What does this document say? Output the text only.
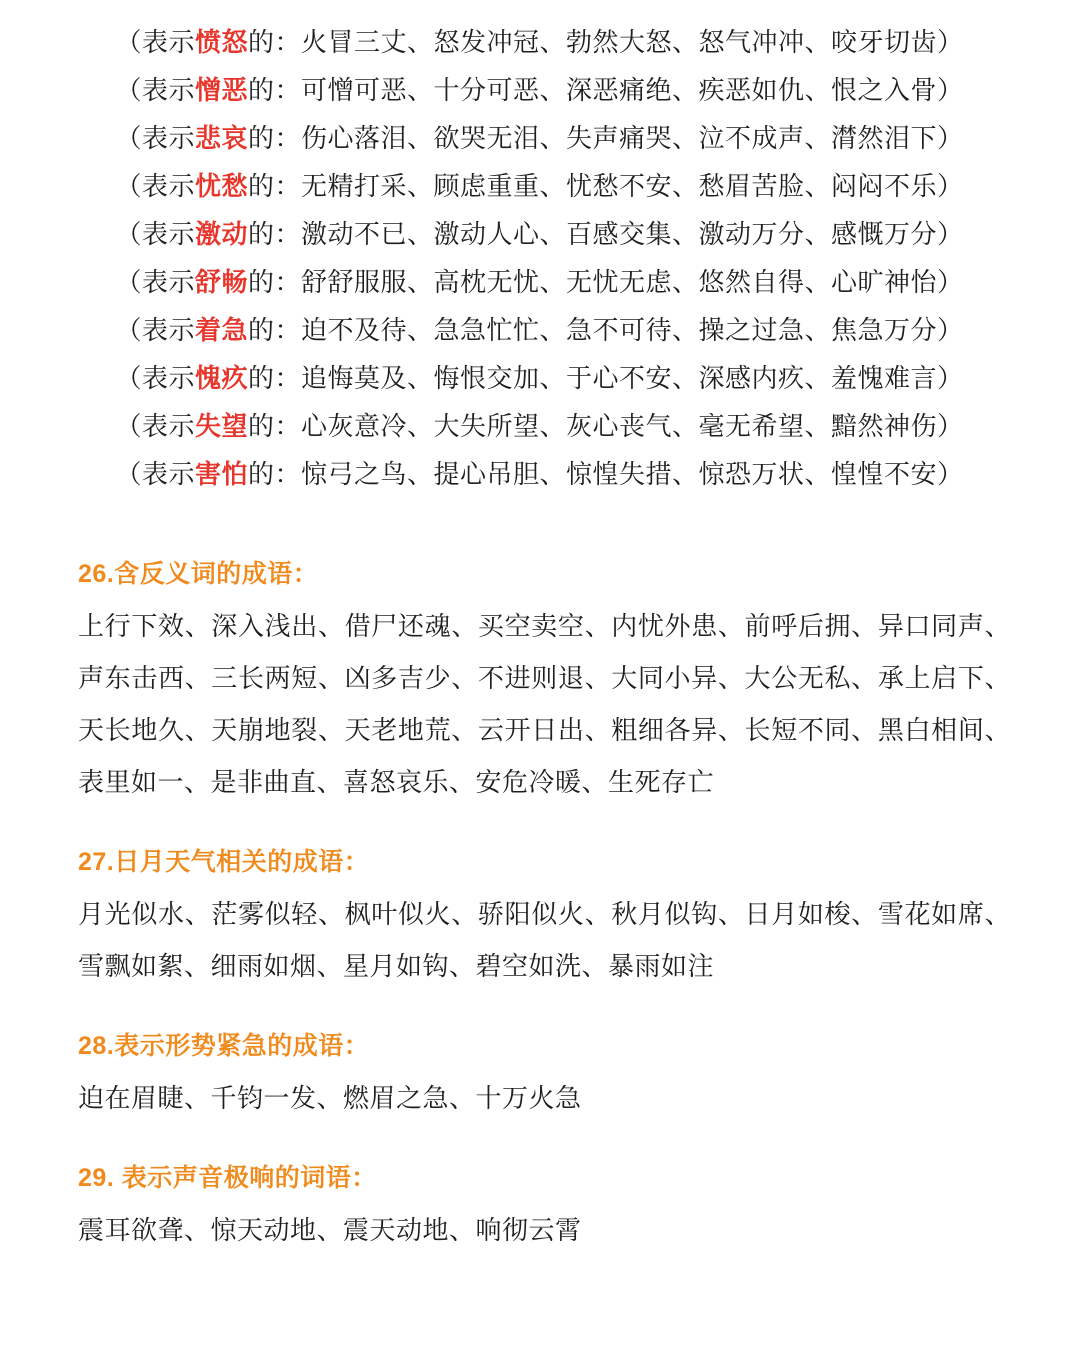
（表示愤怒的：火冒三丈、怒发冲冠、勃然大怒、怒气冲冲、咬牙切齿）
（表示憎恶的：可憎可恶、十分可恶、深恶痛绝、疾恶如仇、恨之入骨）
（表示悲哀的：伤心落泪、欲哭无泪、失声痛哭、泣不成声、潸然泪下）
（表示忧愁的：无精打采、顾虑重重、忧愁不安、愁眉苦脸、闷闷不乐）
（表示激动的：激动不已、激动人心、百感交集、激动万分、感慨万分）
（表示舒畅的：舒舒服服、高枕无忧、无忧无虑、悠然自得、心旷神怡）
（表示着急的：迫不及待、急急忙忙、急不可待、操之过急、焦急万分）
（表示愧疚的：追悔莫及、悔恨交加、于心不安、深感内疚、羞愧难言）
（表示失望的：心灰意冷、大失所望、灰心丧气、毫无希望、黯然神伤）
（表示害怕的：惊弓之鸟、提心吊胆、惊惶失措、惊恐万状、惶惶不安）
26.含反义词的成语：
上行下效、深入浅出、借尸还魂、买空卖空、内忧外患、前呼后拥、异口同声、声东击西、三长两短、凶多吉少、不进则退、大同小异、大公无私、承上启下、天长地久、天崩地裂、天老地荒、云开日出、粗细各异、长短不同、黑白相间、表里如一、是非曲直、喜怒哀乐、安危冷暖、生死存亡
27.日月天气相关的成语：
月光似水、茫雾似轻、枫叶似火、骄阳似火、秋月似钩、日月如梭、雪花如席、雪飘如絮、细雨如烟、星月如钩、碧空如洗、暴雨如注
28.表示形势紧急的成语：
迫在眉睫、千钧一发、燃眉之急、十万火急
29. 表示声音极响的词语：
震耳欲聋、惊天动地、震天动地、响彻云霄
